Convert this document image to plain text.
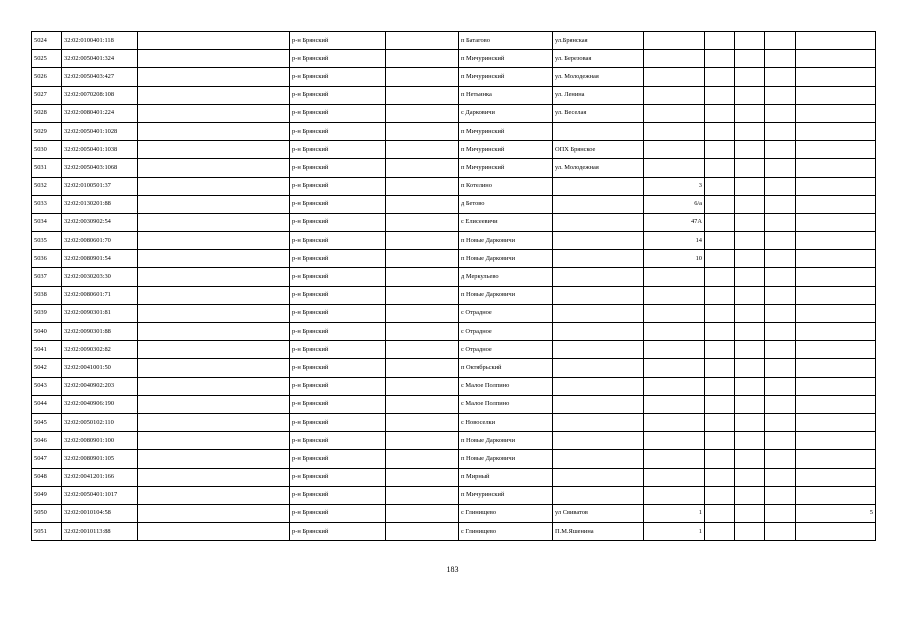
5024	32:02:0100401:118		р-н Брянский		п Батагово	ул.Брянская					
5025	32:02:0050401:324		р-н Брянский		п Мичуринский	ул. Березовая					
5026	32:02:0050403:427		р-н Брянский		п Мичуринский	ул. Молодежная					
5027	32:02:0070208:108		р-н Брянский		п Нетьинка	ул. Ленина					
5028	32:02:0080401:224		р-н Брянский		с Дарковичи	ул. Веселая					
5029	32:02:0050401:1028		р-н Брянский		п Мичуринский						
5030	32:02:0050401:1038		р-н Брянский		п Мичуринский	ОПХ Брянское					
5031	32:02:0050403:1068		р-н Брянский		п Мичуринский	ул. Молодежная					
5032	32:02:0100501:37		р-н Брянский		п Котелино		3				
5033	32:02:0130201:88		р-н Брянский		д Бетово		6/а				
5034	32:02:0030902:54		р-н Брянский		с Елисеевичи		47А				
5035	32:02:0080601:70		р-н Брянский		п Новые Дарковичи		14				
5036	32:02:0080901:54		р-н Брянский		п Новые Дарковичи		10				
5037	32:02:0030203:30		р-н Брянский		д Меркульево						
5038	32:02:0080601:71		р-н Брянский		п Новые Дарковичи						
5039	32:02:0090301:81		р-н Брянский		с Отрадное						
5040	32:02:0090301:88		р-н Брянский		с Отрадное						
5041	32:02:0090302:82		р-н Брянский		с Отрадное						
5042	32:02:0041001:50		р-н Брянский		п Октябрьский						
5043	32:02:0040902:203		р-н Брянский		с Малое Полпино						
5044	32:02:0040906:190		р-н Брянский		с Малое Полпино						
5045	32:02:0050102:110		р-н Брянский		с Новоселки						
5046	32:02:0080901:100		р-н Брянский		п Новые Дарковичи						
5047	32:02:0080901:105		р-н Брянский		п Новые Дарковичи						
5048	32:02:0041201:166		р-н Брянский		п Мирный						
5049	32:02:0050401:1017		р-н Брянский		п Мичуринский						
5050	32:02:0010104:58		р-н Брянский		с Глинищево	ул Свиватов	1				5
5051	32:02:0010113:88		р-н Брянский		с Глинищево	П.М.Яшенина	1				
183
